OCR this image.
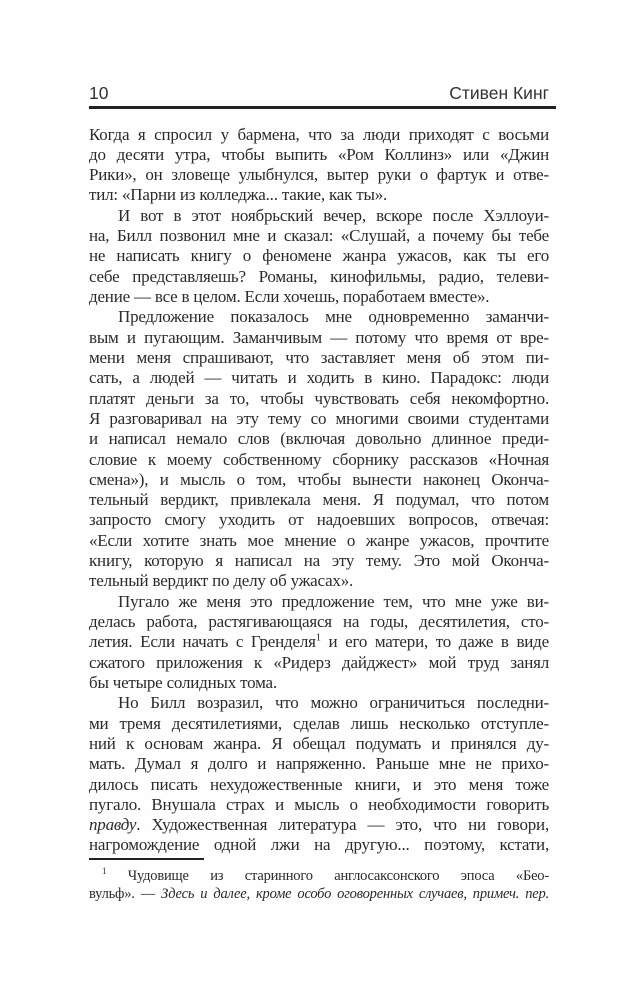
10	Стивен Кинг
Когда я спросил у бармена, что за люди приходят с восьми
до десяти утра, чтобы выпить «Ром Коллинз» или «Джин
Рики», он зловеще улыбнулся, вытер руки о фартук и отве-
тил: «Парни из колледжа... такие, как ты».
И вот в этот ноябрьский вечер, вскоре после Хэллоуи-
на, Билл позвонил мне и сказал: «Слушай, а почему бы тебе
не написать книгу о феномене жанра ужасов, как ты его
себе представляешь? Романы, кинофильмы, радио, телеви-
дение — все в целом. Если хочешь, поработаем вместе».
Предложение показалось мне одновременно заманчи-
вым и пугающим. Заманчивым — потому что время от вре-
мени меня спрашивают, что заставляет меня об этом пи-
сать, а людей — читать и ходить в кино. Парадокс: люди
платят деньги за то, чтобы чувствовать себя некомфортно.
Я разговаривал на эту тему со многими своими студентами
и написал немало слов (включая довольно длинное преди-
словие к моему собственному сборнику рассказов «Ночная
смена»), и мысль о том, чтобы вынести наконец Оконча-
тельный вердикт, привлекала меня. Я подумал, что потом
запросто смогу уходить от надоевших вопросов, отвечая:
«Если хотите знать мое мнение о жанре ужасов, прочтите
книгу, которую я написал на эту тему. Это мой Оконча-
тельный вердикт по делу об ужасах».
Пугало же меня это предложение тем, что мне уже ви-
делась работа, растягивающаяся на годы, десятилетия, сто-
летия. Если начать с Гренделя$^1$ и его матери, то даже в виде
сжатого приложения к «Ридерз дайджест» мой труд занял
бы четыре солидных тома.
Но Билл возразил, что можно ограничиться последни-
ми тремя десятилетиями, сделав лишь несколько отступле-
ний к основам жанра. Я обещал подумать и принялся ду-
мать. Думал я долго и напряженно. Раньше мне не прихо-
дилось писать нехудожественные книги, и это меня тоже
пугало. Внушала страх и мысль о необходимости говорить
правду. Художественная литература — это, что ни говори,
нагромождение одной лжи на другую... поэтому, кстати,
$^1$ Чудовище из старинного англосаксонского эпоса «Бео-
вульф». — Здесь и далее, кроме особо оговоренных случаев, примеч. пер.
